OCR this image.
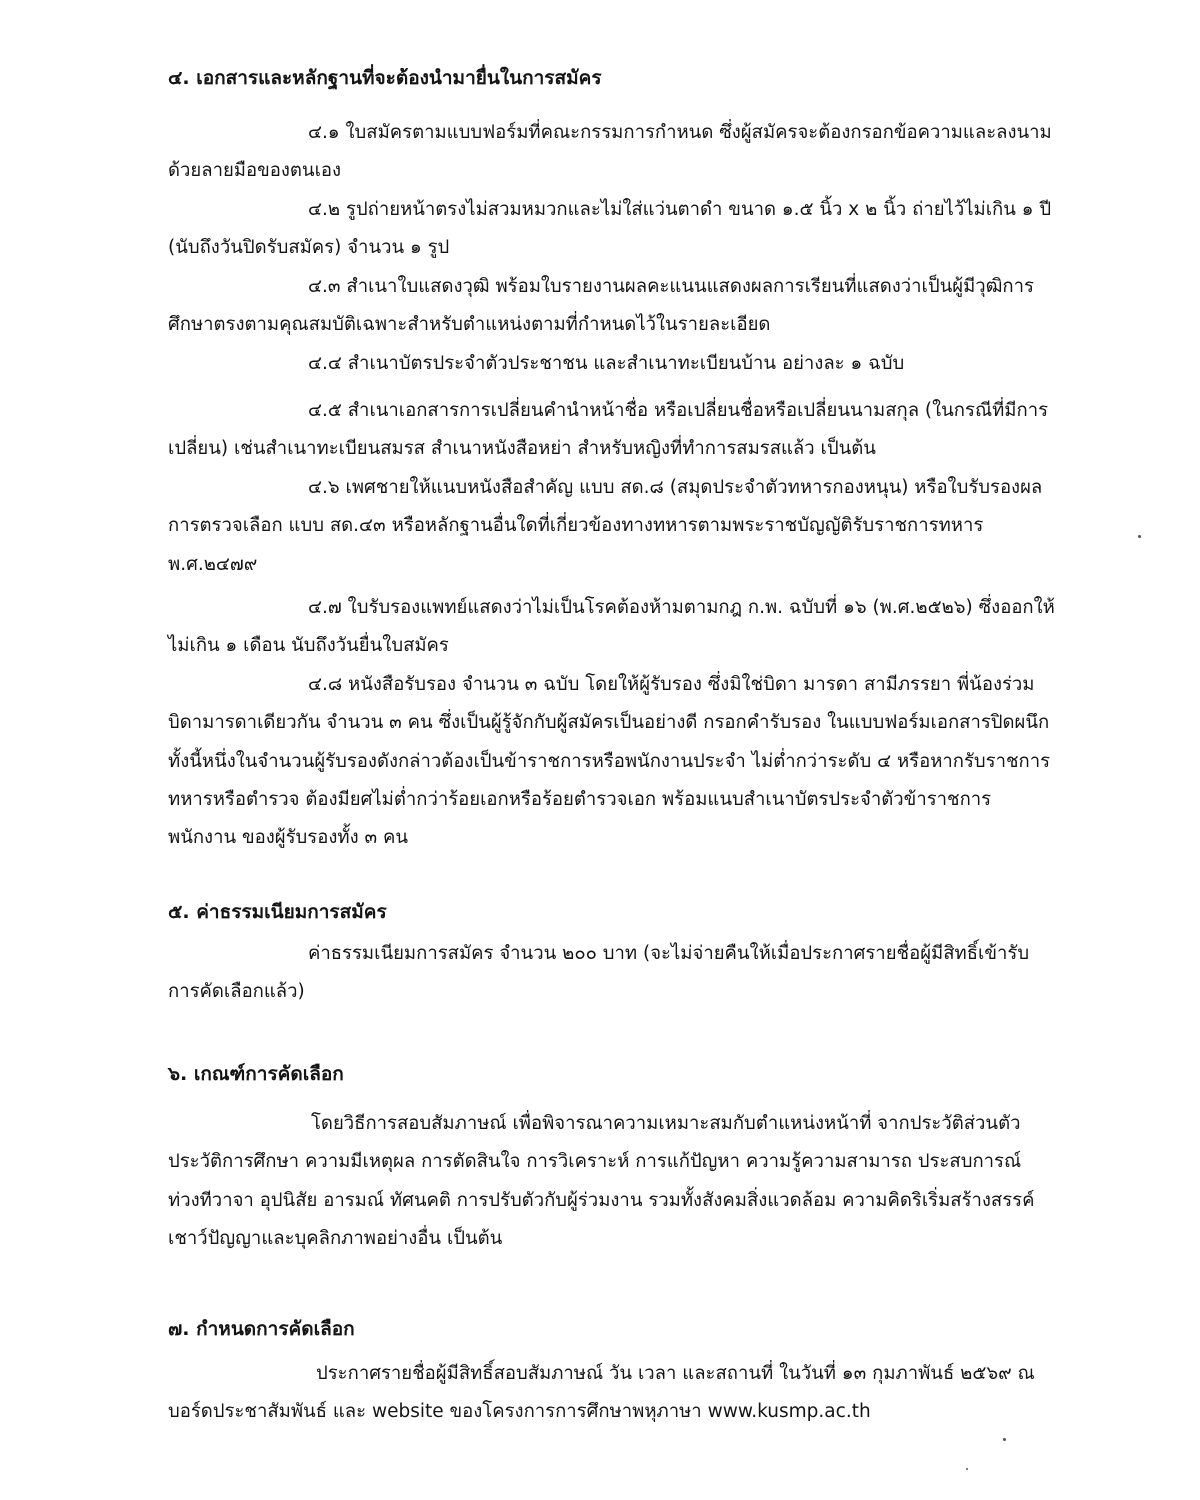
๔. เอกสารและหลักฐานที่จะต้องนำมายื่นในการสมัคร
๔.๑ ใบสมัครตามแบบฟอร์มที่คณะกรรมการกำหนด ซึ่งผู้สมัครจะต้องกรอกข้อความและลงนามด้วยลายมือของตนเอง
๔.๒ รูปถ่ายหน้าตรงไม่สวมหมวกและไม่ใส่แว่นตาดำ ขนาด ๑.๕ นิ้ว x ๒ นิ้ว ถ่ายไว้ไม่เกิน ๑ ปี (นับถึงวันปิดรับสมัคร) จำนวน ๑ รูป
๔.๓ สำเนาใบแสดงวุฒิ พร้อมใบรายงานผลคะแนนแสดงผลการเรียนที่แสดงว่าเป็นผู้มีวุฒิการศึกษาตรงตามคุณสมบัติเฉพาะสำหรับตำแหน่งตามที่กำหนดไว้ในรายละเอียด
๔.๔ สำเนาบัตรประจำตัวประชาชน และสำเนาทะเบียนบ้าน อย่างละ ๑ ฉบับ
๔.๕ สำเนาเอกสารการเปลี่ยนคำนำหน้าชื่อ หรือเปลี่ยนชื่อหรือเปลี่ยนนามสกุล (ในกรณีที่มีการเปลี่ยน) เช่นสำเนาทะเบียนสมรส สำเนาหนังสือหย่า สำหรับหญิงที่ทำการสมรสแล้ว เป็นต้น
๔.๖ เพศชายให้แนบหนังสือสำคัญ แบบ สด.๘ (สมุดประจำตัวทหารกองหนุน) หรือใบรับรองผลการตรวจเลือก แบบ สด.๔๓ หรือหลักฐานอื่นใดที่เกี่ยวข้องทางทหารตามพระราชบัญญัติรับราชการทหาร พ.ศ.๒๔๗๙
๔.๗ ใบรับรองแพทย์แสดงว่าไม่เป็นโรคต้องห้ามตามกฎ ก.พ. ฉบับที่ ๑๖ (พ.ศ.๒๕๒๖) ซึ่งออกให้ไม่เกิน ๑ เดือน นับถึงวันยื่นใบสมัคร
๔.๘ หนังสือรับรอง จำนวน ๓ ฉบับ โดยให้ผู้รับรอง ซึ่งมิใช่บิดา มารดา สามีภรรยา พี่น้องร่วมบิดามารดาเดียวกัน จำนวน ๓ คน ซึ่งเป็นผู้รู้จักกับผู้สมัครเป็นอย่างดี กรอกคำรับรอง ในแบบฟอร์มเอกสารปิดผนึก ทั้งนี้หนึ่งในจำนวนผู้รับรองดังกล่าวต้องเป็นข้าราชการหรือพนักงานประจำ ไม่ต่ำกว่าระดับ ๔ หรือหากรับราชการทหารหรือตำรวจ ต้องมียศไม่ต่ำกว่าร้อยเอกหรือร้อยตำรวจเอก พร้อมแนบสำเนาบัตรประจำตัวข้าราชการ พนักงาน ของผู้รับรองทั้ง ๓ คน
๕. ค่าธรรมเนียมการสมัคร
ค่าธรรมเนียมการสมัคร จำนวน ๒๐๐ บาท (จะไม่จ่ายคืนให้เมื่อประกาศรายชื่อผู้มีสิทธิ์เข้ารับการคัดเลือกแล้ว)
๖. เกณฑ์การคัดเลือก
โดยวิธีการสอบสัมภาษณ์ เพื่อพิจารณาความเหมาะสมกับตำแหน่งหน้าที่ จากประวัติส่วนตัว ประวัติการศึกษา ความมีเหตุผล การตัดสินใจ การวิเคราะห์ การแก้ปัญหา ความรู้ความสามารถ ประสบการณ์ ท่วงทีวาจา อุปนิสัย อารมณ์ ทัศนคติ การปรับตัวกับผู้ร่วมงาน รวมทั้งสังคมสิ่งแวดล้อม ความคิดริเริ่มสร้างสรรค์ เชาว์ปัญญาและบุคลิกภาพอย่างอื่น เป็นต้น
๗. กำหนดการคัดเลือก
ประกาศรายชื่อผู้มีสิทธิ์สอบสัมภาษณ์ วัน เวลา และสถานที่ ในวันที่ ๑๓ กุมภาพันธ์ ๒๕๖๙ ณ บอร์ดประชาสัมพันธ์ และ website ของโครงการการศึกษาพหุภาษา www.kusmp.ac.th
